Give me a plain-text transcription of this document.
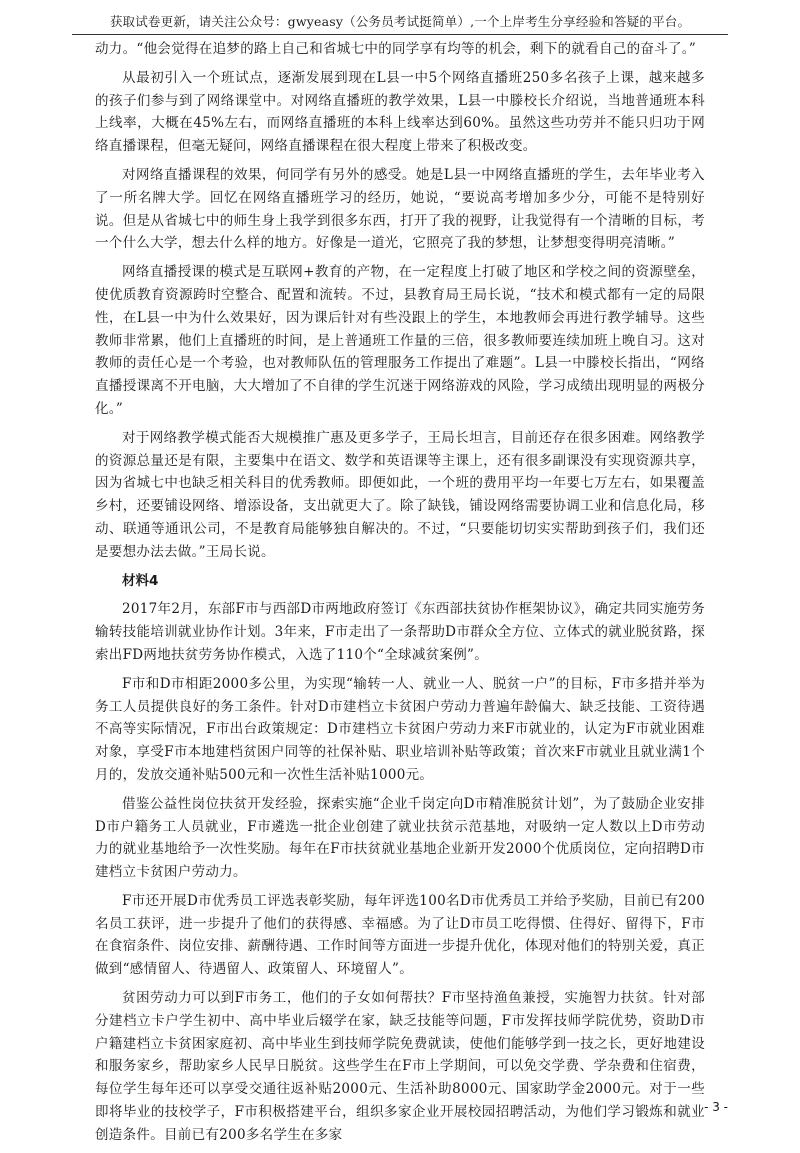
获取试卷更新，请关注公众号：gwyeasy（公务员考试挺简单）,一个上岸考生分享经验和答疑的平台。

动力。“他会觉得在追梦的路上自己和省城七中的同学享有均等的机会，剩下的就看自己的奋斗了。”

从最初引入一个班试点，逐渐发展到现在L县一中5个网络直播班250多名孩子上课，越来越多的孩子们参与到了网络课堂中。对网络直播班的教学效果，L县一中滕校长介绍说，当地普通班本科上线率，大概在45%左右，而网络直播班的本科上线率达到60%。虽然这些功劳并不能只归功于网络直播课程，但毫无疑问，网络直播课程在很大程度上带来了积极改变。

对网络直播课程的效果，何同学有另外的感受。她是L县一中网络直播班的学生，去年毕业考入了一所名牌大学。回忆在网络直播班学习的经历，她说，“要说高考增加多少分，可能不是特别好说。但是从省城七中的师生身上我学到很多东西，打开了我的视野，让我觉得有一个清晰的目标，考一个什么大学，想去什么样的地方。好像是一道光，它照亮了我的梦想，让梦想变得明亮清晰。”

网络直播授课的模式是互联网+教育的产物，在一定程度上打破了地区和学校之间的资源壁垒，使优质教育资源跨时空整合、配置和流转。不过，县教育局王局长说，“技术和模式都有一定的局限性，在L县一中为什么效果好，因为课后针对有些没跟上的学生，本地教师会再进行教学辅导。这些教师非常累，他们上直播班的时间，是上普通班工作量的三倍，很多教师要连续加班上晚自习。这对教师的责任心是一个考验，也对教师队伍的管理服务工作提出了难题”。L县一中滕校长指出，“网络直播授课离不开电脑，大大增加了不自律的学生沉迷于网络游戏的风险，学习成绩出现明显的两极分化。”

对于网络教学模式能否大规模推广惠及更多学子，王局长坦言，目前还存在很多困难。网络教学的资源总量还是有限，主要集中在语文、数学和英语课等主课上，还有很多副课没有实现资源共享，因为省城七中也缺乏相关科目的优秀教师。即便如此，一个班的费用平均一年要七万左右，如果覆盖乡村，还要铺设网络、增添设备，支出就更大了。除了缺钱，铺设网络需要协调工业和信息化局，移动、联通等通讯公司，不是教育局能够独自解决的。不过，“只要能切切实实帮助到孩子们，我们还是要想办法去做。”王局长说。

材料4

2017年2月，东部F市与西部D市两地政府签订《东西部扶贫协作框架协议》，确定共同实施劳务输转技能培训就业协作计划。3年来，F市走出了一条帮助D市群众全方位、立体式的就业脱贫路，探索出FD两地扶贫劳务协作模式，入选了110个“全球减贫案例”。

F市和D市相距2000多公里，为实现“输转一人、就业一人、脱贫一户”的目标，F市多措并举为务工人员提供良好的务工条件。针对D市建档立卡贫困户劳动力普遍年龄偏大、缺乏技能、工资待遇不高等实际情况，F市出台政策规定：D市建档立卡贫困户劳动力来F市就业的，认定为F市就业困难对象，享受F市本地建档贫困户同等的社保补贴、职业培训补贴等政策；首次来F市就业且就业满1个月的，发放交通补贴500元和一次性生活补贴1000元。

借鉴公益性岗位扶贫开发经验，探索实施“企业千岗定向D市精准脱贫计划”，为了鼓励企业安排D市户籍务工人员就业，F市遴选一批企业创建了就业扶贫示范基地，对吸纳一定人数以上D市劳动力的就业基地给予一次性奖励。每年在F市扶贫就业基地企业新开发2000个优质岗位，定向招聘D市建档立卡贫困户劳动力。

F市还开展D市优秀员工评选表彰奖励，每年评选100名D市优秀员工并给予奖励，目前已有200名员工获评，进一步提升了他们的获得感、幸福感。为了让D市员工吃得惯、住得好、留得下，F市在食宿条件、岗位安排、薪酬待遇、工作时间等方面进一步提升优化，体现对他们的特别关爱，真正做到“感情留人、待遇留人、政策留人、环境留人”。

贫困劳动力可以到F市务工，他们的子女如何帮扶？F市坚持渔鱼兼授，实施智力扶贫。针对部分建档立卡户学生初中、高中毕业后辍学在家，缺乏技能等问题，F市发挥技师学院优势，资助D市户籍建档立卡贫困家庭初、高中毕业生到技师学院免费就读，使他们能够学到一技之长，更好地建设和服务家乡，帮助家乡人民早日脱贫。这些学生在F市上学期间，可以免交学费、学杂费和住宿费，每位学生每年还可以享受交通往返补贴2000元、生活补助8000元、国家助学金2000元。对于一些即将毕业的技校学子，F市积极搭建平台，组织多家企业开展校园招聘活动，为他们学习锻炼和就业创造条件。目前已有200多名学生在多家

- 3 -
